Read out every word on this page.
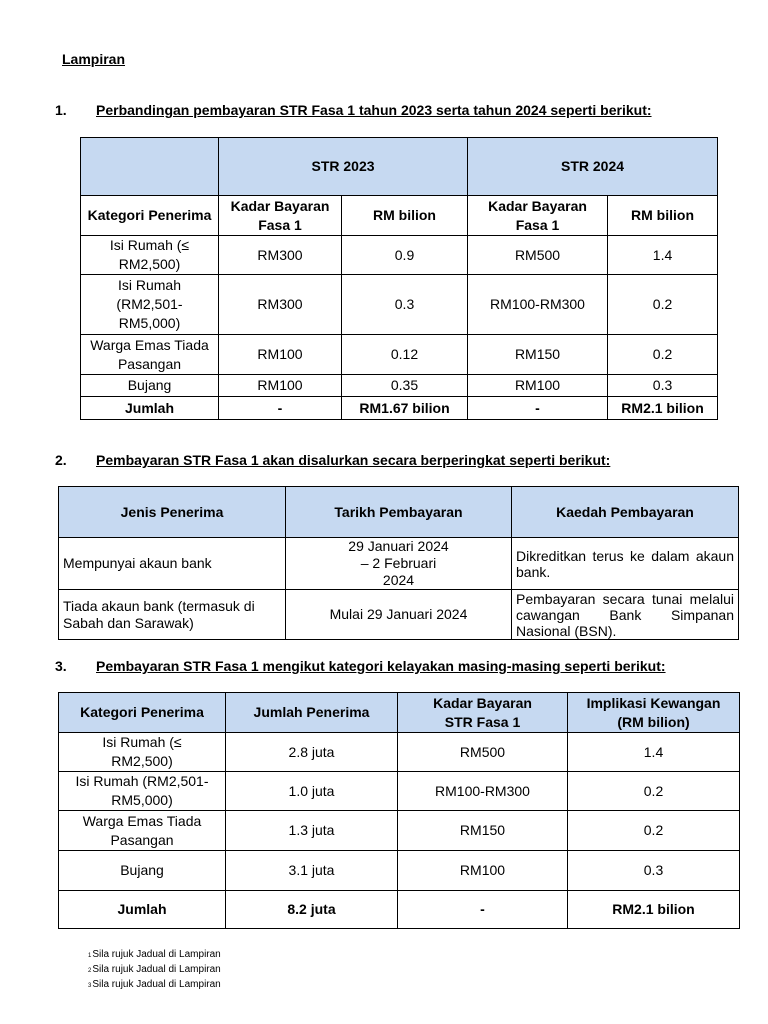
Lampiran
1. Perbandingan pembayaran STR Fasa 1 tahun 2023 serta tahun 2024 seperti berikut:
	STR 2023		STR 2024	
Kategori Penerima	Kadar Bayaran Fasa 1	RM bilion	Kadar Bayaran Fasa 1	RM bilion
Isi Rumah (≤ RM2,500)	RM300	0.9	RM500	1.4
Isi Rumah (RM2,501- RM5,000)	RM300	0.3	RM100-RM300	0.2
Warga Emas Tiada Pasangan	RM100	0.12	RM150	0.2
Bujang	RM100	0.35	RM100	0.3
Jumlah	-	RM1.67 bilion	-	RM2.1 bilion
2. Pembayaran STR Fasa 1 akan disalurkan secara berperingkat seperti berikut:
Jenis Penerima	Tarikh Pembayaran	Kaedah Pembayaran
Mempunyai akaun bank	29 Januari 2024 – 2 Februari 2024	Dikreditkan terus ke dalam akaun bank.
Tiada akaun bank (termasuk di Sabah dan Sarawak)	Mulai 29 Januari 2024	Pembayaran secara tunai melalui cawangan Bank Simpanan Nasional (BSN).
3. Pembayaran STR Fasa 1 mengikut kategori kelayakan masing-masing seperti berikut:
Kategori Penerima	Jumlah Penerima	Kadar Bayaran STR Fasa 1	Implikasi Kewangan (RM bilion)
Isi Rumah (≤ RM2,500)	2.8 juta	RM500	1.4
Isi Rumah (RM2,501-RM5,000)	1.0 juta	RM100-RM300	0.2
Warga Emas Tiada Pasangan	1.3 juta	RM150	0.2
Bujang	3.1 juta	RM100	0.3
Jumlah	8.2 juta	-	RM2.1 bilion
1Sila rujuk Jadual di Lampiran
2Sila rujuk Jadual di Lampiran
3Sila rujuk Jadual di Lampiran
